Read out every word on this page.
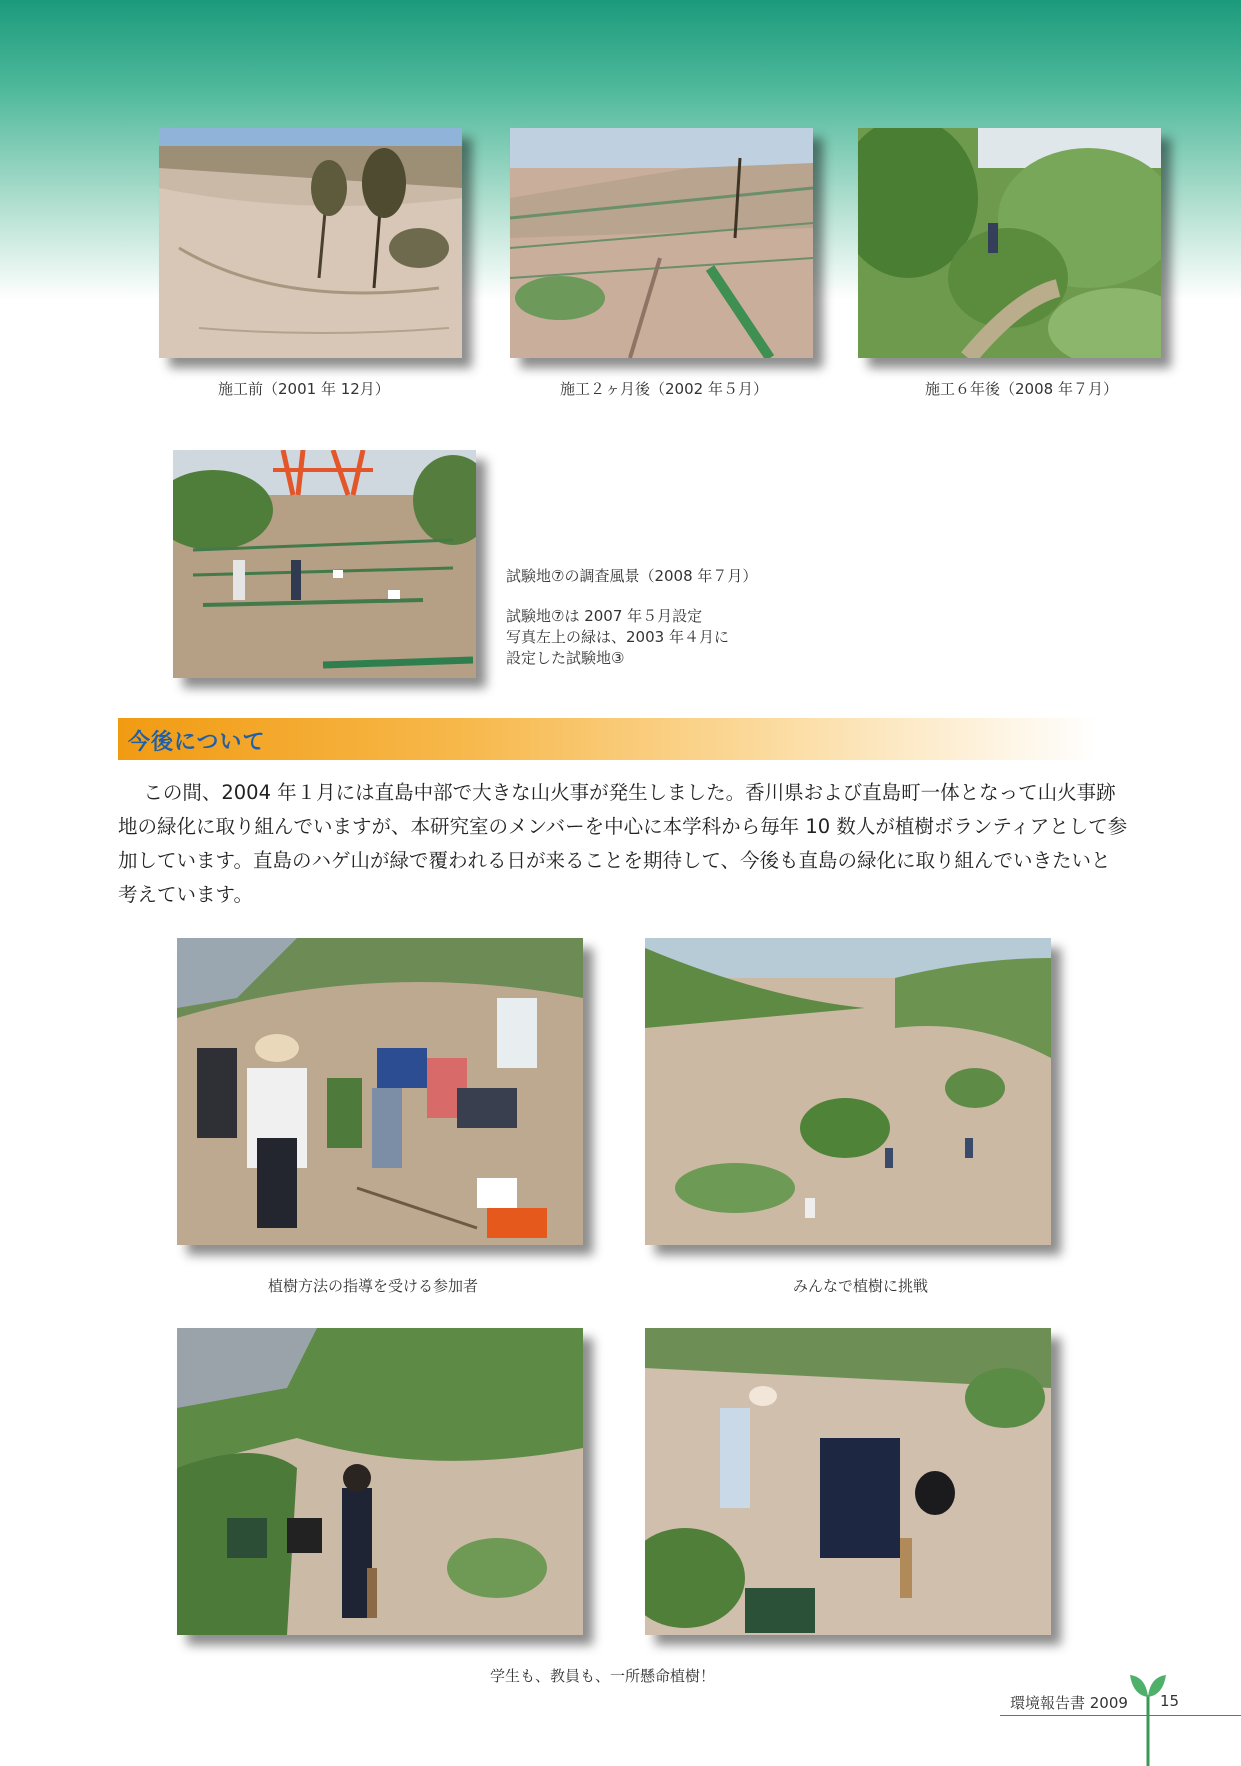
施工前（2001 年 12月）	施工２ヶ月後（2002 年５月）	施工６年後（2008 年７月）
試験地⑦の調査風景（2008 年７月）
試験地⑦は 2007 年５月設定
写真左上の緑は、2003 年４月に
設定した試験地③
今後について

この間、2004 年１月には直島中部で大きな山火事が発生しました。香川県および直島町一体となって山火事跡地の緑化に取り組んでいますが、本研究室のメンバーを中心に本学科から毎年 10 数人が植樹ボランティアとして参加しています。直島のハゲ山が緑で覆われる日が来ることを期待して、今後も直島の緑化に取り組んでいきたいと考えています。

植樹方法の指導を受ける参加者	みんなで植樹に挑戦
学生も、教員も、一所懸命植樹！
環境報告書 2009 15
